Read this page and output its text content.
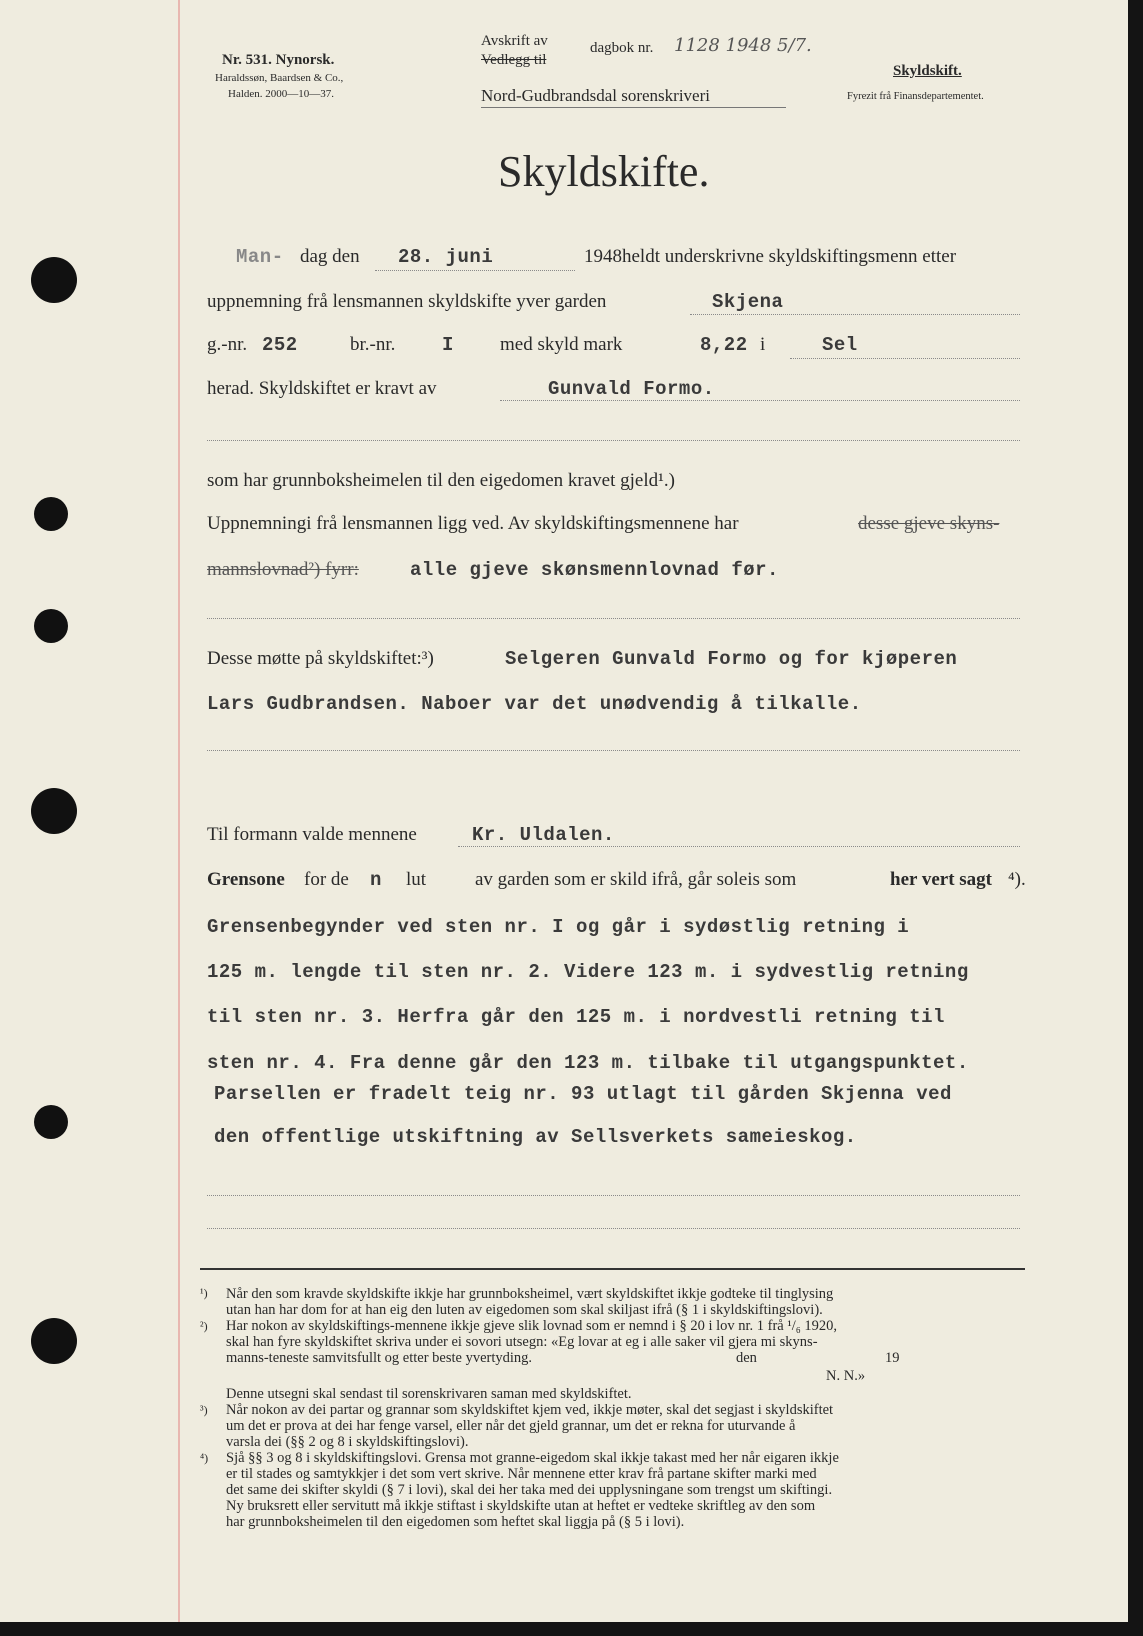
Nr. 531. Nynorsk.
Haraldssøn, Baardsen & Co.,
Halden. 2000—10—37.
Avskrift av
Vedlegg til
dagbok nr. 1128 1948 5/7.
Nord-Gudbrandsdal sorenskriveri
Skyldskift.
Fyrezit frå Finansdepartementet.
Skyldskifte.
Man- dag den 28. juni	1948 heldt underskrivne skyldskiftingsmenn etter
uppnemning frå lensmannen skyldskifte yver garden	Skjena
g.-nr. 252	br.-nr. I med skyld mark	8,22 i	Sel
herad. Skyldskiftet er kravt av	Gunvald Formo.
som har grunnboksheimelen til den eigedomen kravet gjeld¹.)
Uppnemningi frå lensmannen ligg ved. Av skyldskiftingsmennene har	desse gjeve skyns-
mannslovnad²) fyrr:	alle gjeve skønsmennlovnad før.
Desse møtte på skyldskiftet:³)	Selgeren Gunvald Formo og for kjøperen
Lars Gudbrandsen. Naboer var det unødvendig å tilkalle.
Til formann valde mennene	Kr. Uldalen.
Grensone for de n lut	av garden som er skild ifrå, går soleis som	her vert sagt ⁴).
Grensenbegynder ved sten nr. I og går i sydøstlig retning i
125 m. lengde til sten nr. 2. Videre 123 m. i sydvestlig retning
til sten nr. 3. Herfra går den 125 m. i nordvestli retning til
sten nr. 4. Fra denne går den 123 m. tilbake til utgangspunktet.
Parsellen er fradelt teig nr. 93 utlagt til gården Skjenna ved
den offentlige utskiftning av Sellsverkets sameieskog.
¹) Når den som kravde skyldskifte ikkje har grunnboksheimel, vært skyldskiftet ikkje godteke til tinglysing
utan han har dom for at han eig den luten av eigedomen som skal skiljast ifrå (§ 1 i skyldskiftingslovi).
²) Har nokon av skyldskiftings-mennene ikkje gjeve slik lovnad som er nemnd i § 20 i lov nr. 1 frå ¹/₆ 1920,
skal han fyre skyldskiftet skriva under ei sovori utsegn: «Eg lovar at eg i alle saker vil gjera mi skyns-
manns-teneste samvitsfullt og etter beste yvertyding.	den	19
N. N.»
Denne utsegni skal sendast til sorenskrivaren saman med skyldskiftet.
³) Når nokon av dei partar og grannar som skyldskiftet kjem ved, ikkje møter, skal det segjast i skyldskiftet
um det er prova at dei har fenge varsel, eller når det gjeld grannar, um det er rekna for uturvande å
varsla dei (§§ 2 og 8 i skyldskiftingslovi).
⁴) Sjå §§ 3 og 8 i skyldskiftingslovi. Grensa mot granne-eigedom skal ikkje takast med her når eigaren ikkje
er til stades og samtykkjer i det som vert skrive. Når mennene etter krav frå partane skifter marki med
det same dei skifter skyldi (§ 7 i lovi), skal dei her taka med dei upplysningane som trengst um skiftingi.
Ny bruksrett eller servitutt må ikkje stiftast i skyldskifte utan at heftet er vedteke skriftleg av den som
har grunnboksheimelen til den eigedomen som heftet skal liggja på (§ 5 i lovi).
